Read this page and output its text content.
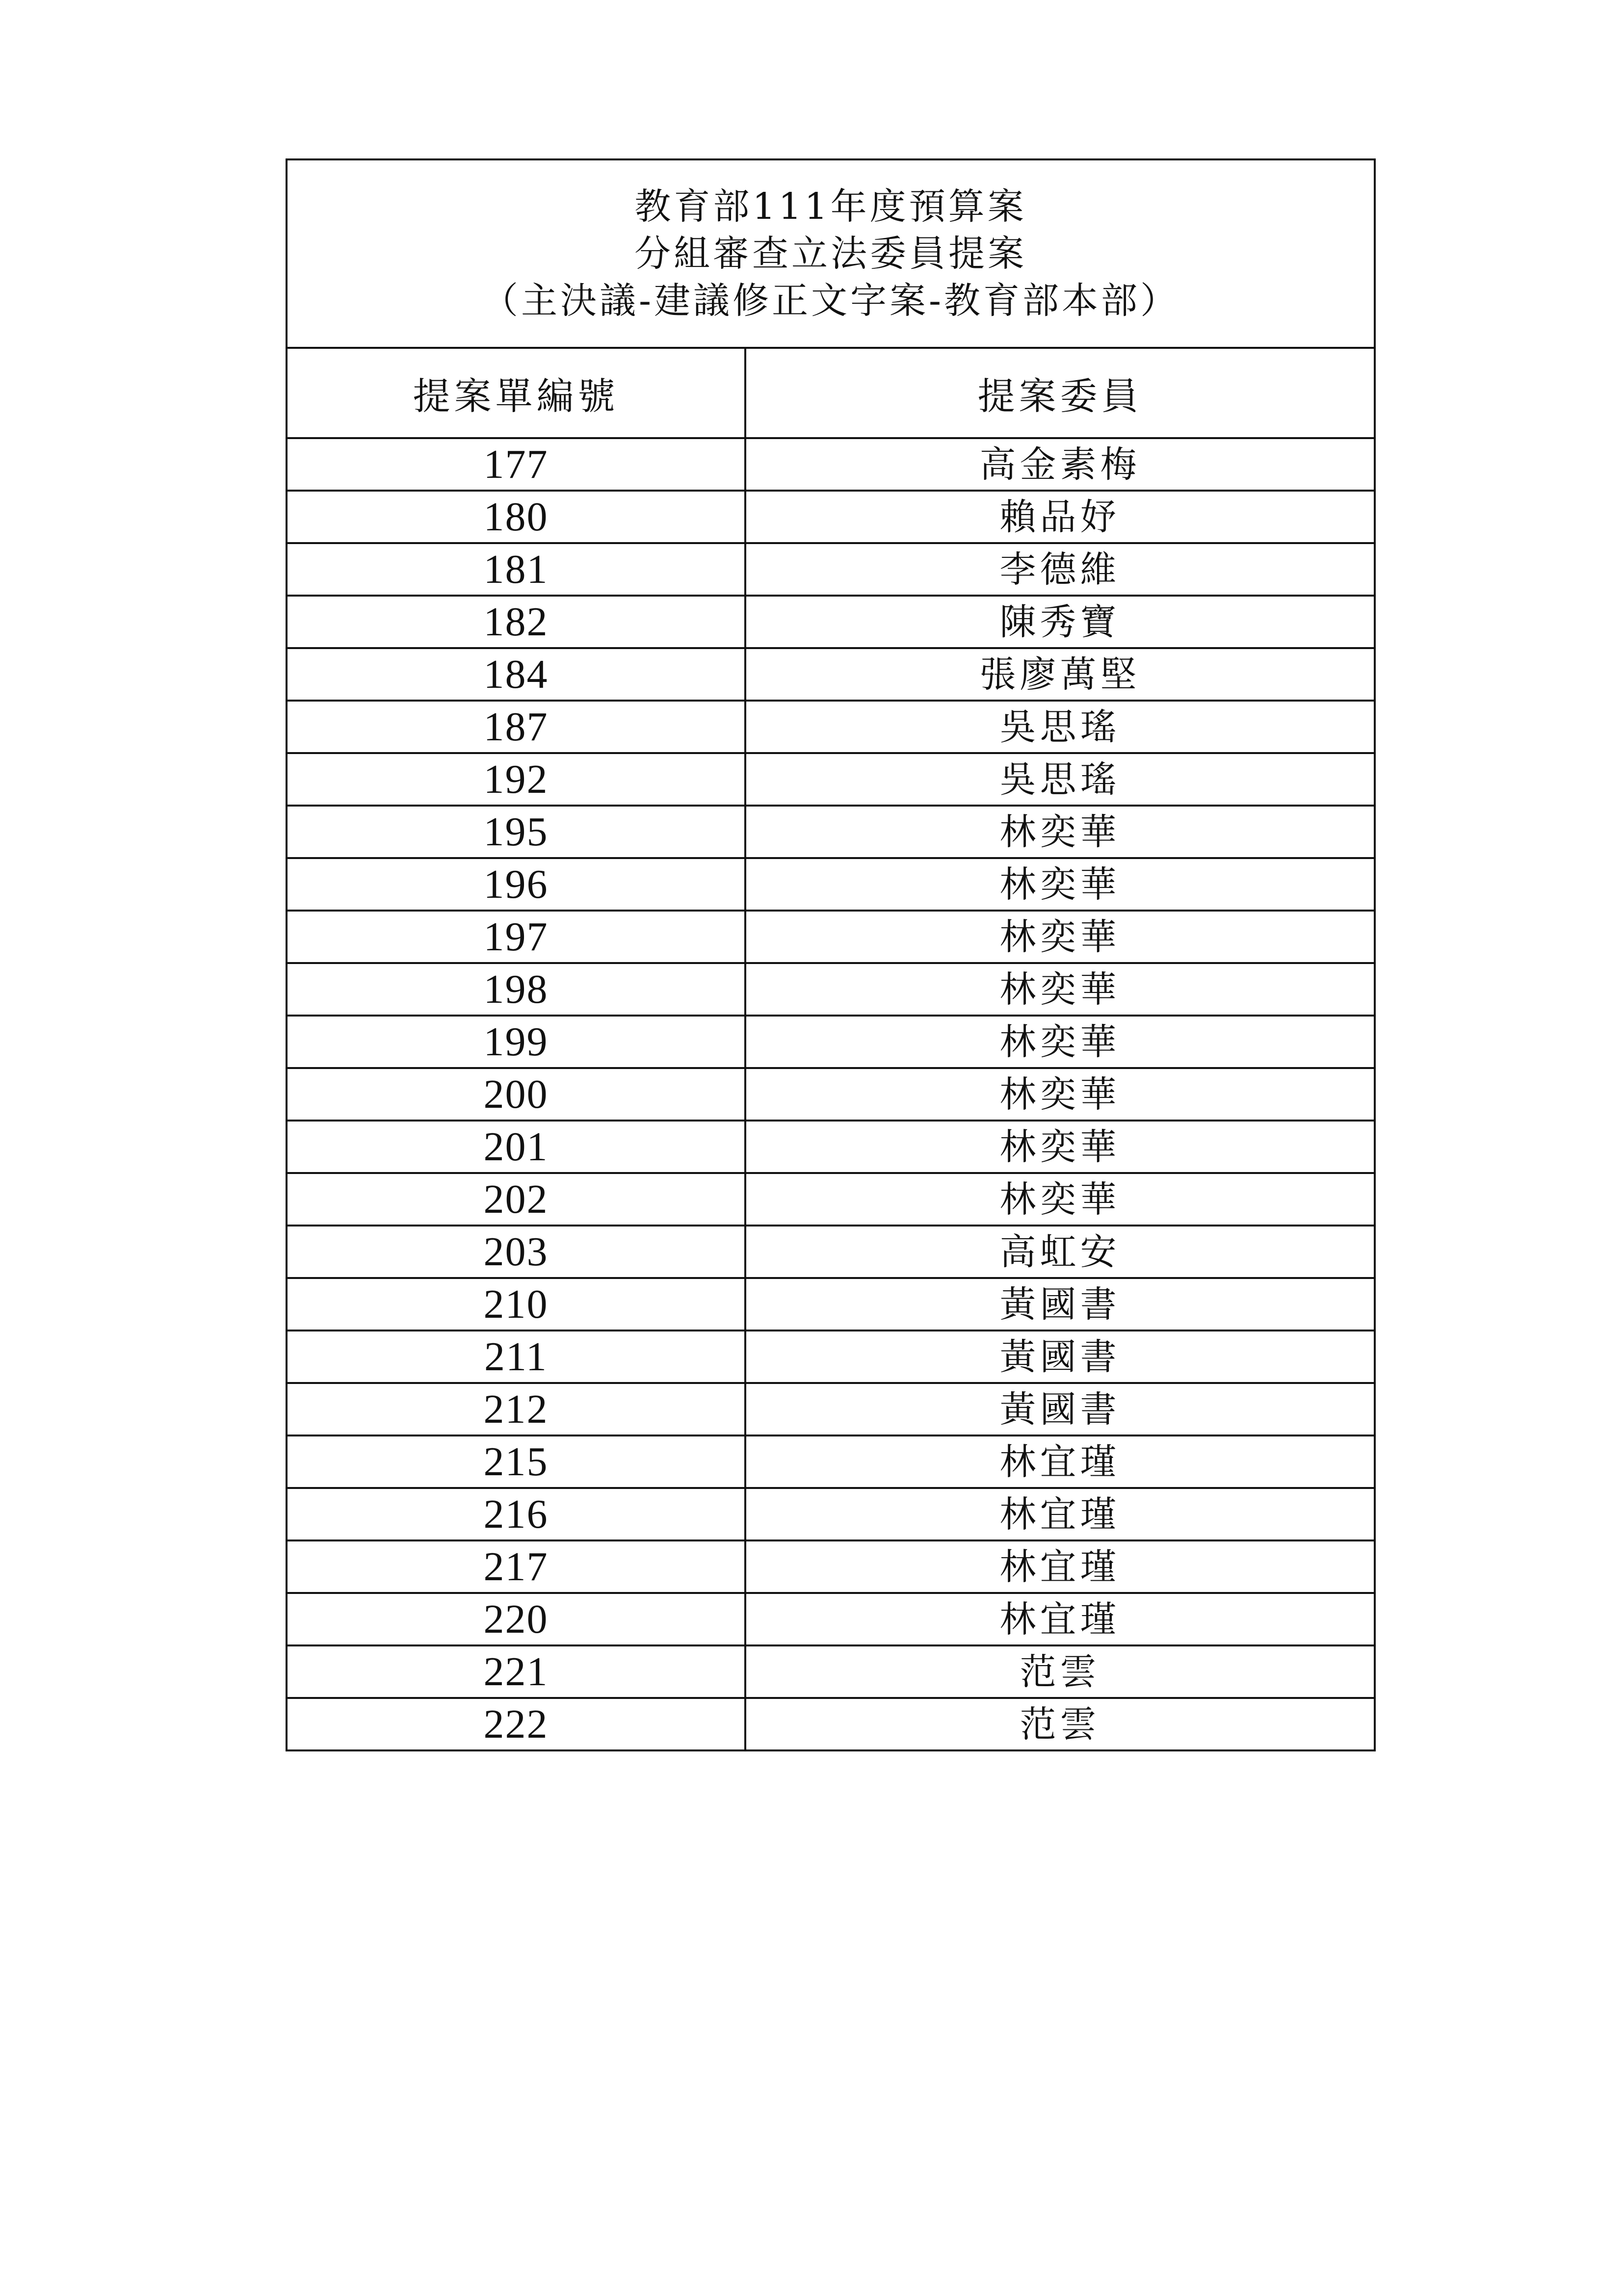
教育部111年度預算案
分組審查立法委員提案
（主決議-建議修正文字案-教育部本部）	

提案單編號	提案委員
177	高金素梅
180	賴品妤
181	李德維
182	陳秀寶
184	張廖萬堅
187	吳思瑤
192	吳思瑤
195	林奕華
196	林奕華
197	林奕華
198	林奕華
199	林奕華
200	林奕華
201	林奕華
202	林奕華
203	高虹安
210	黃國書
211	黃國書
212	黃國書
215	林宜瑾
216	林宜瑾
217	林宜瑾
220	林宜瑾
221	范雲
222	范雲
